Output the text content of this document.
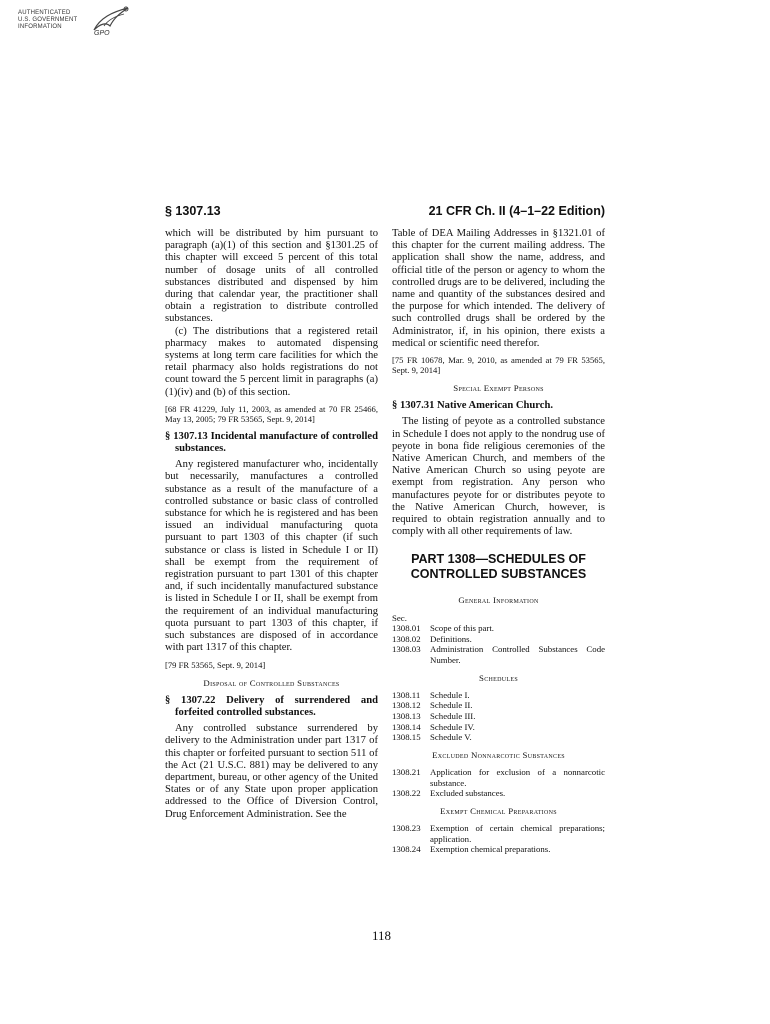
AUTHENTICATED
U.S. GOVERNMENT
INFORMATION
GPO
§ 1307.13	21 CFR Ch. II (4–1–22 Edition)

which will be distributed by him pursuant to paragraph (a)(1) of this section and §1301.25 of this chapter will exceed 5 percent of this total number of dosage units of all controlled substances distributed and dispensed by him during that calendar year, the practitioner shall obtain a registration to distribute controlled substances.

(c) The distributions that a registered retail pharmacy makes to automated dispensing systems at long term care facilities for which the retail pharmacy also holds registrations do not count toward the 5 percent limit in paragraphs (a)(1)(iv) and (b) of this section.

[68 FR 41229, July 11, 2003, as amended at 70 FR 25466, May 13, 2005; 79 FR 53565, Sept. 9, 2014]

§ 1307.13 Incidental manufacture of controlled substances.

Any registered manufacturer who, incidentally but necessarily, manufactures a controlled substance as a result of the manufacture of a controlled substance or basic class of controlled substance for which he is registered and has been issued an individual manufacturing quota pursuant to part 1303 of this chapter (if such substance or class is listed in Schedule I or II) shall be exempt from the requirement of registration pursuant to part 1301 of this chapter and, if such incidentally manufactured substance is listed in Schedule I or II, shall be exempt from the requirement of an individual manufacturing quota pursuant to part 1303 of this chapter, if such substances are disposed of in accordance with part 1317 of this chapter.

[79 FR 53565, Sept. 9, 2014]

Disposal of Controlled Substances

§ 1307.22 Delivery of surrendered and forfeited controlled substances.

Any controlled substance surrendered by delivery to the Administration under part 1317 of this chapter or forfeited pursuant to section 511 of the Act (21 U.S.C. 881) may be delivered to any department, bureau, or other agency of the United States or of any State upon proper application addressed to the Office of Diversion Control, Drug Enforcement Administration. See the

Table of DEA Mailing Addresses in §1321.01 of this chapter for the current mailing address. The application shall show the name, address, and official title of the person or agency to whom the controlled drugs are to be delivered, including the name and quantity of the substances desired and the purpose for which intended. The delivery of such controlled drugs shall be ordered by the Administrator, if, in his opinion, there exists a medical or scientific need therefor.

[75 FR 10678, Mar. 9, 2010, as amended at 79 FR 53565, Sept. 9, 2014]

Special Exempt Persons

§ 1307.31 Native American Church.

The listing of peyote as a controlled substance in Schedule I does not apply to the nondrug use of peyote in bona fide religious ceremonies of the Native American Church, and members of the Native American Church so using peyote are exempt from registration. Any person who manufactures peyote for or distributes peyote to the Native American Church, however, is required to obtain registration annually and to comply with all other requirements of law.

PART 1308—SCHEDULES OF
CONTROLLED SUBSTANCES
General Information
Sec.
1308.01	Scope of this part.
1308.02	Definitions.
1308.03	Administration Controlled Substances Code Number.
Schedules
1308.11	Schedule I.
1308.12	Schedule II.
1308.13	Schedule III.
1308.14	Schedule IV.
1308.15	Schedule V.
Excluded Nonnarcotic Substances
1308.21	Application for exclusion of a nonnarcotic substance.
1308.22	Excluded substances.
Exempt Chemical Preparations
1308.23	Exemption of certain chemical preparations; application.
1308.24	Exemption chemical preparations.
118
